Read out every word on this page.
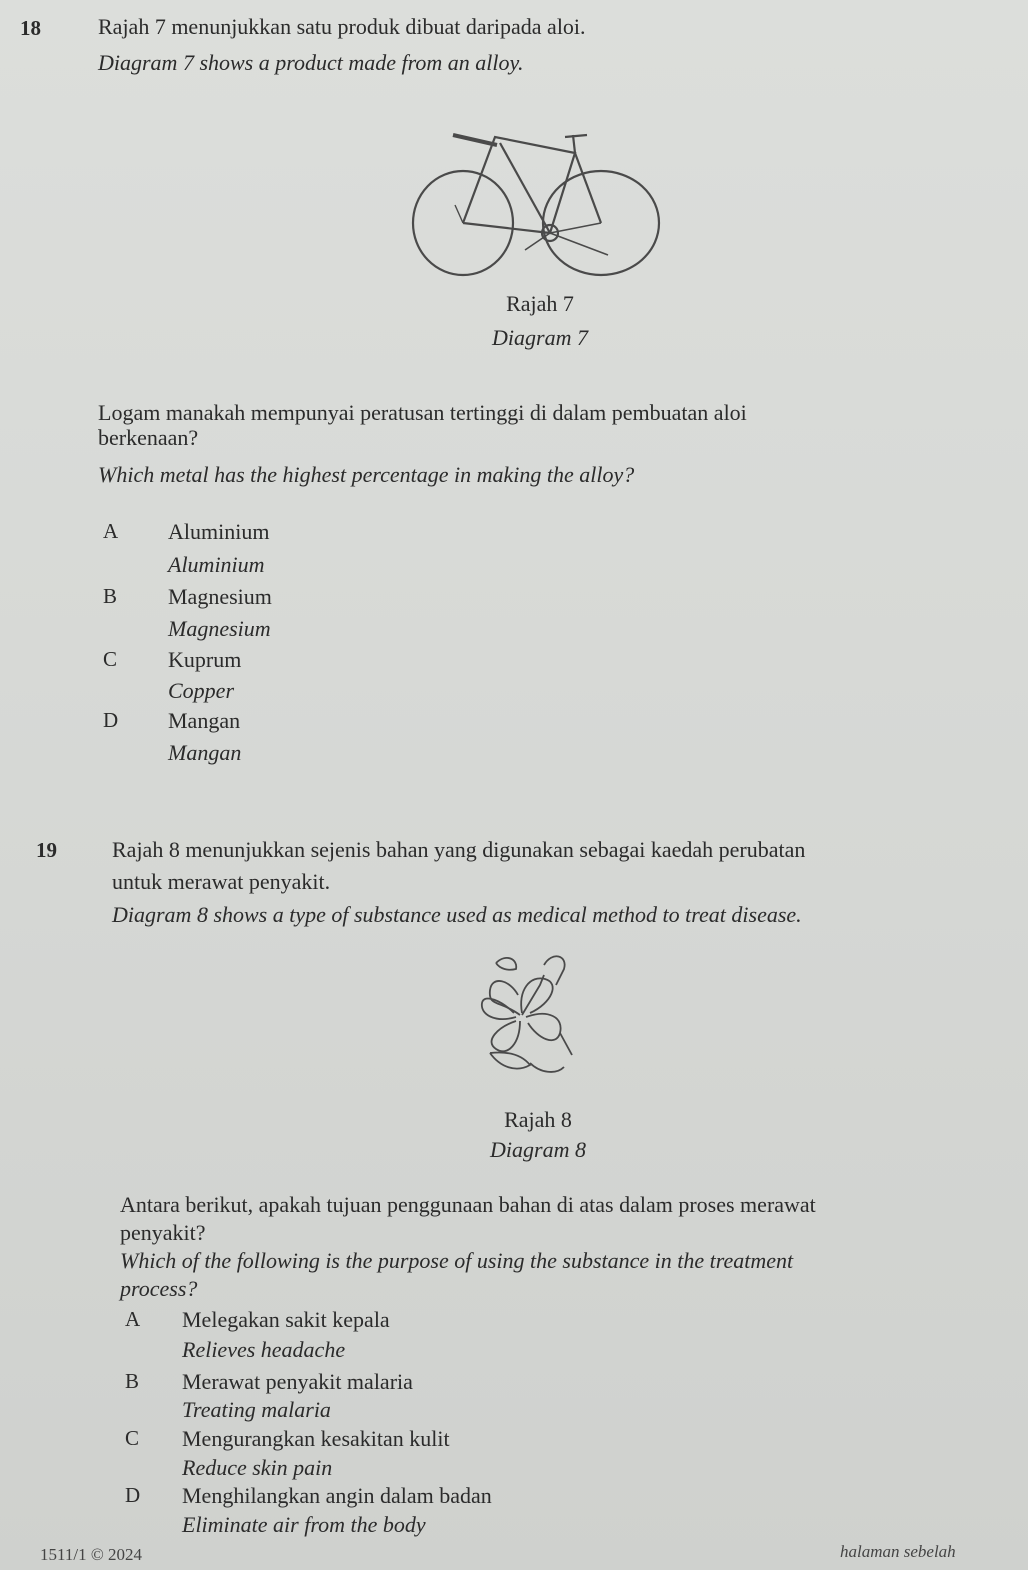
18	Rajah 7 menunjukkan satu produk dibuat daripada aloi.
Diagram 7 shows a product made from an alloy.
Rajah 7
Diagram 7
Logam manakah mempunyai peratusan tertinggi di dalam pembuatan aloi
berkenaan?
Which metal has the highest percentage in making the alloy?
A Aluminium
Aluminium
B Magnesium
Magnesium
C Kuprum
Copper
D Mangan
Mangan
19	Rajah 8 menunjukkan sejenis bahan yang digunakan sebagai kaedah perubatan
untuk merawat penyakit.
Diagram 8 shows a type of substance used as medical method to treat disease.
Rajah 8
Diagram 8
Antara berikut, apakah tujuan penggunaan bahan di atas dalam proses merawat
penyakit?
Which of the following is the purpose of using the substance in the treatment
process?
A Melegakan sakit kepala
Relieves headache
B Merawat penyakit malaria
Treating malaria
C Mengurangkan kesakitan kulit
Reduce skin pain
D Menghilangkan angin dalam badan
Eliminate air from the body
1511/1 © 2024	halaman sebelah
